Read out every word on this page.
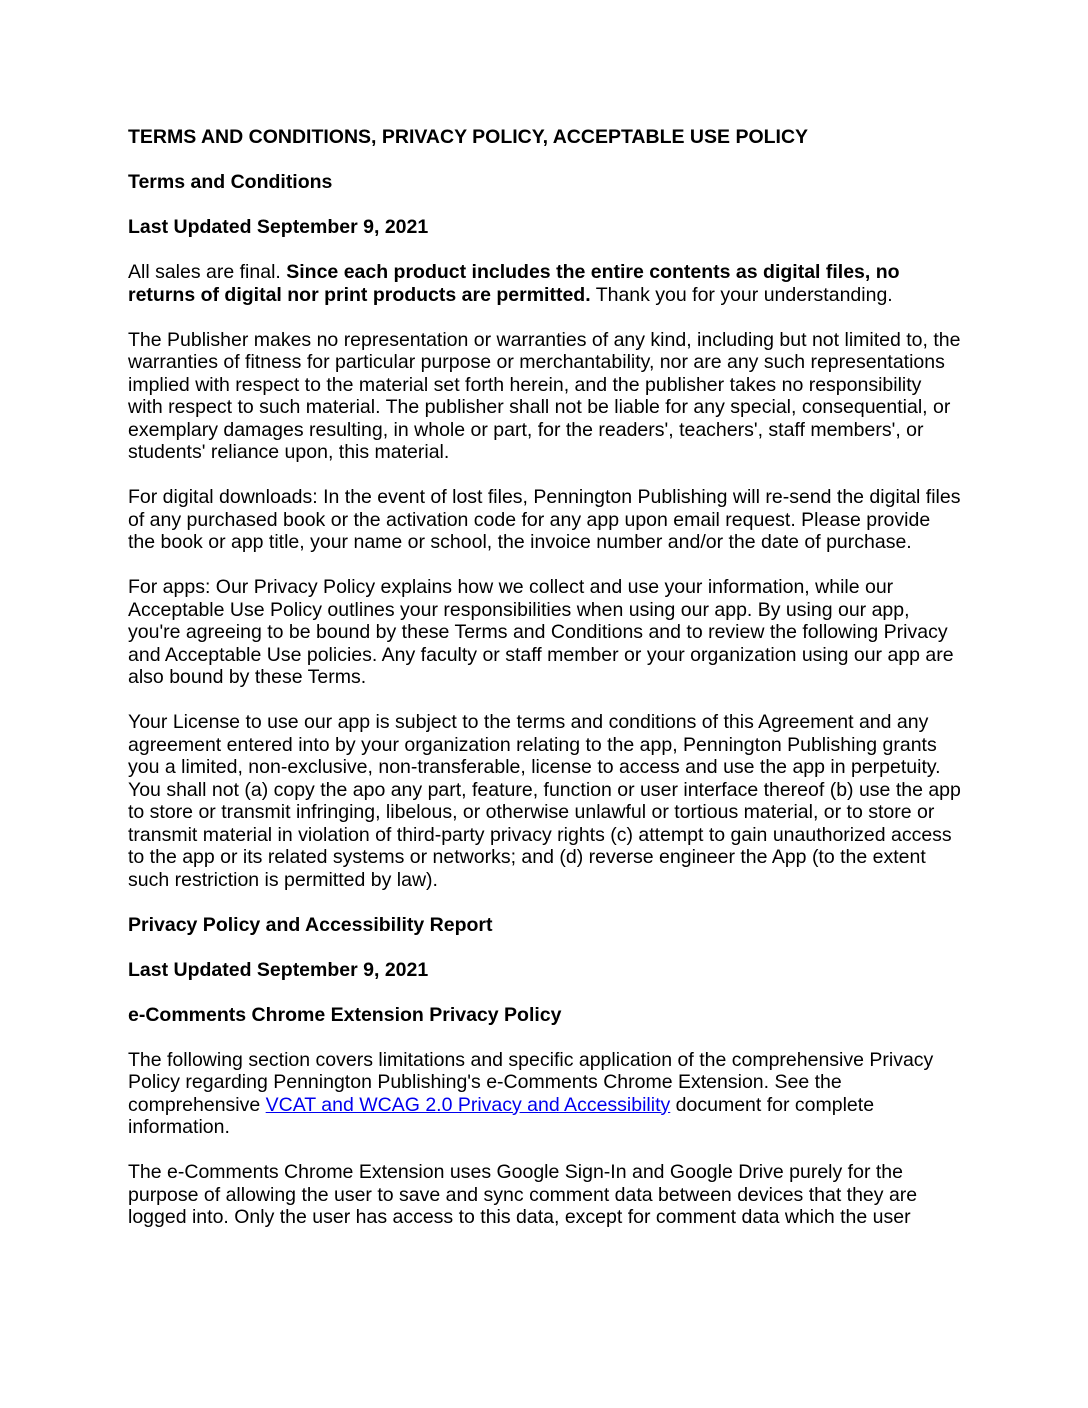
TERMS AND CONDITIONS, PRIVACY POLICY, ACCEPTABLE USE POLICY
Terms and Conditions
Last Updated September 9, 2021
All sales are final. Since each product includes the entire contents as digital files, no returns of digital nor print products are permitted. Thank you for your understanding.
The Publisher makes no representation or warranties of any kind, including but not limited to, the warranties of fitness for particular purpose or merchantability, nor are any such representations implied with respect to the material set forth herein, and the publisher takes no responsibility with respect to such material. The publisher shall not be liable for any special, consequential, or exemplary damages resulting, in whole or part, for the readers', teachers', staff members', or students' reliance upon, this material.
For digital downloads: In the event of lost files, Pennington Publishing will re-send the digital files of any purchased book or the activation code for any app upon email request. Please provide the book or app title, your name or school, the invoice number and/or the date of purchase.
For apps: Our Privacy Policy explains how we collect and use your information, while our Acceptable Use Policy outlines your responsibilities when using our app. By using our app, you're agreeing to be bound by these Terms and Conditions and to review the following Privacy and Acceptable Use policies. Any faculty or staff member or your organization using our app are also bound by these Terms.
Your License to use our app is subject to the terms and conditions of this Agreement and any agreement entered into by your organization relating to the app, Pennington Publishing grants you a limited, non-exclusive, non-transferable, license to access and use the app in perpetuity. You shall not (a) copy the apo any part, feature, function or user interface thereof (b) use the app to store or transmit infringing, libelous, or otherwise unlawful or tortious material, or to store or transmit material in violation of third-party privacy rights (c) attempt to gain unauthorized access to the app or its related systems or networks; and (d) reverse engineer the App (to the extent such restriction is permitted by law).
Privacy Policy and Accessibility Report
Last Updated September 9, 2021
e-Comments Chrome Extension Privacy Policy
The following section covers limitations and specific application of the comprehensive Privacy Policy regarding Pennington Publishing's e-Comments Chrome Extension. See the comprehensive VCAT and WCAG 2.0 Privacy and Accessibility document for complete information.
The e-Comments Chrome Extension uses Google Sign-In and Google Drive purely for the purpose of allowing the user to save and sync comment data between devices that they are logged into. Only the user has access to this data, except for comment data which the user
